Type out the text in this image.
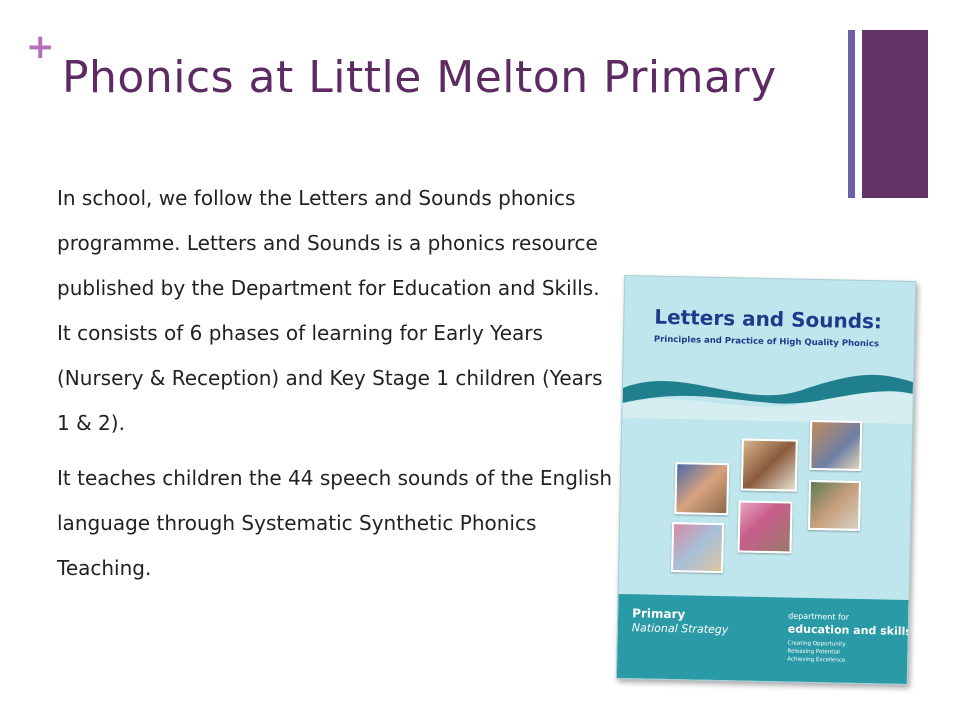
+
Phonics at Little Melton Primary

In school, we follow the Letters and Sounds phonics programme. Letters and Sounds is a phonics resource published by the Department for Education and Skills. It consists of 6 phases of learning for Early Years (Nursery & Reception) and Key Stage 1 children (Years 1 & 2).

It teaches children the 44 speech sounds of the English language through Systematic Synthetic Phonics Teaching.

Letters and Sounds:
Principles and Practice of High Quality Phonics
Primary
National Strategy
department for
education and skills
Creating Opportunity
Releasing Potential
Achieving Excellence
